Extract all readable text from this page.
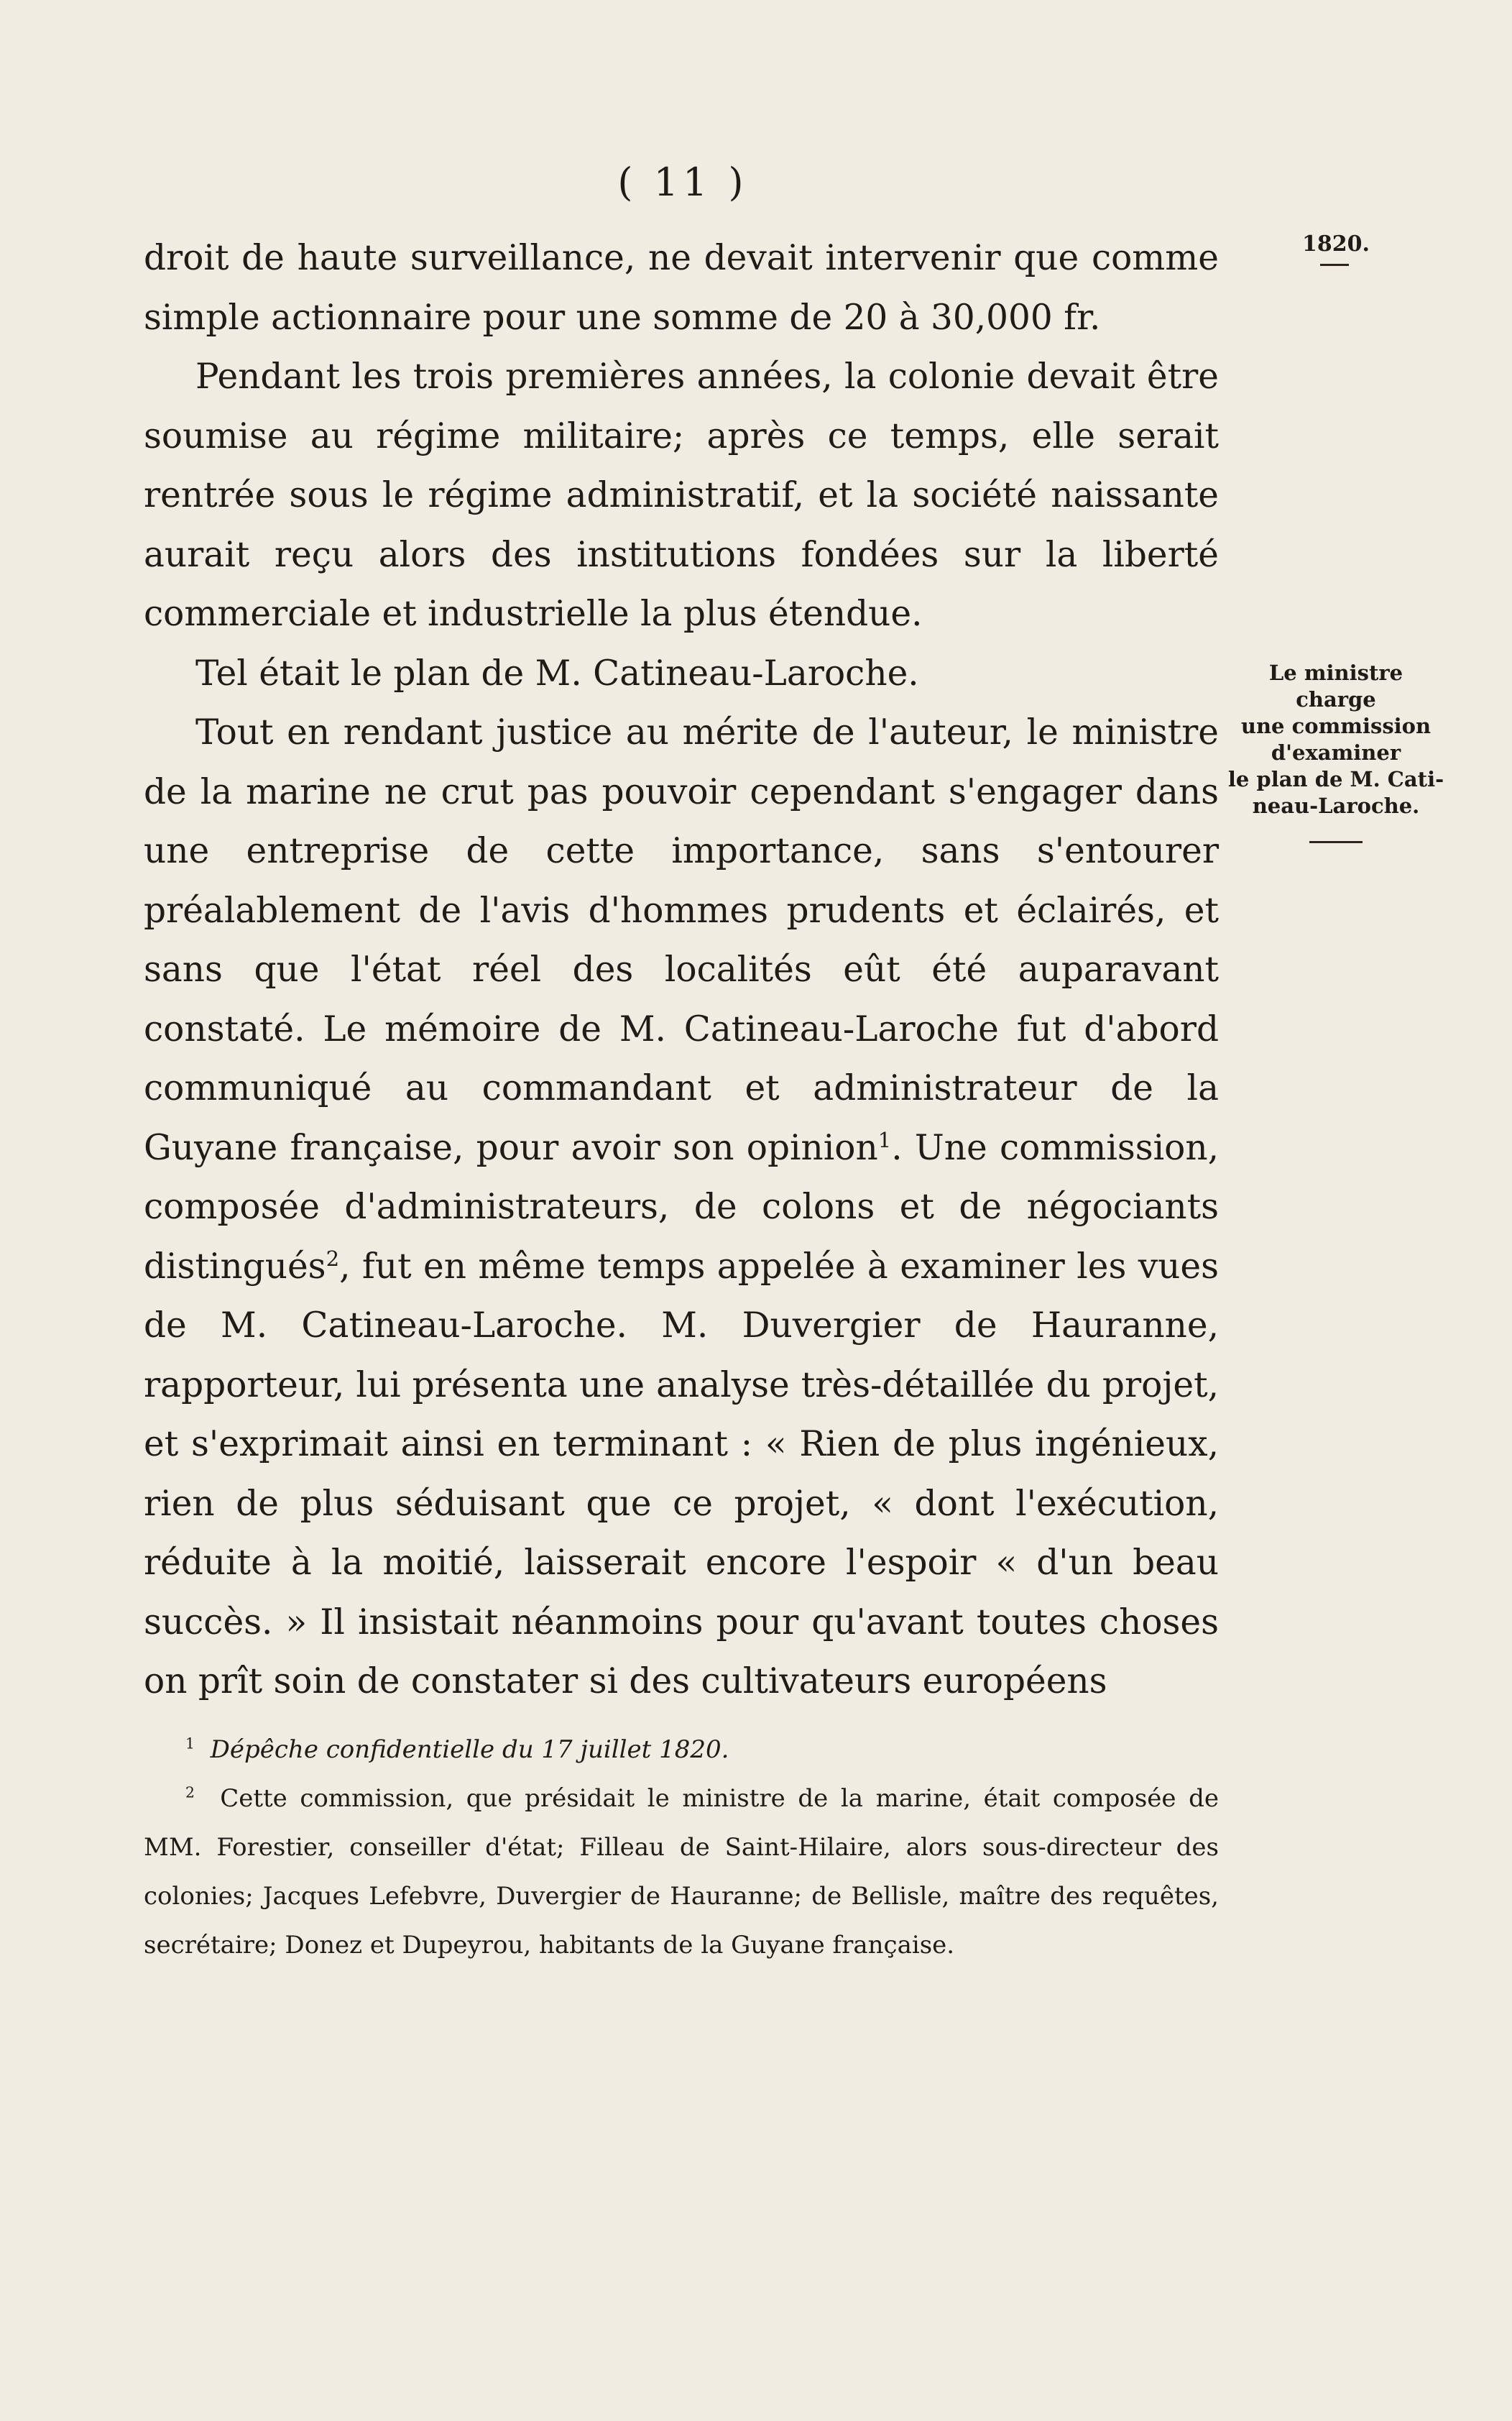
( 11 )
1820.

droit de haute surveillance, ne devait intervenir que comme simple actionnaire pour une somme de 20 à 30,000 fr.

Pendant les trois premières années, la colonie devait être soumise au régime militaire; après ce temps, elle serait rentrée sous le régime administratif, et la société naissante aurait reçu alors des institutions fondées sur la liberté commerciale et industrielle la plus étendue.

Tel était le plan de M. Catineau-Laroche.

Tout en rendant justice au mérite de l'auteur, le ministre de la marine ne crut pas pouvoir cependant s'engager dans une entreprise de cette importance, sans s'entourer préalablement de l'avis d'hommes prudents et éclairés, et sans que l'état réel des localités eût été auparavant constaté. Le mémoire de M. Catineau-Laroche fut d'abord communiqué au commandant et administrateur de la Guyane française, pour avoir son opinion$^1$. Une commission, composée d'administrateurs, de colons et de négociants distingués$^2$, fut en même temps appelée à examiner les vues de M. Catineau-Laroche. M. Duvergier de Hauranne, rapporteur, lui présenta une analyse très-détaillée du projet, et s'exprimait ainsi en terminant : « Rien de plus ingénieux, rien de plus séduisant que ce projet, « dont l'exécution, réduite à la moitié, laisserait encore l'espoir « d'un beau succès. » Il insistait néanmoins pour qu'avant toutes choses on prît soin de constater si des cultivateurs européens

Le ministre
charge
une commission
d'examiner
le plan de M. Cati-
neau-Laroche.

$^1$ Dépêche confidentielle du 17 juillet 1820.

$^2$ Cette commission, que présidait le ministre de la marine, était composée de MM. Forestier, conseiller d'état; Filleau de Saint-Hilaire, alors sous-directeur des colonies; Jacques Lefebvre, Duvergier de Hauranne; de Bellisle, maître des requêtes, secrétaire; Donez et Dupeyrou, habitants de la Guyane française.
